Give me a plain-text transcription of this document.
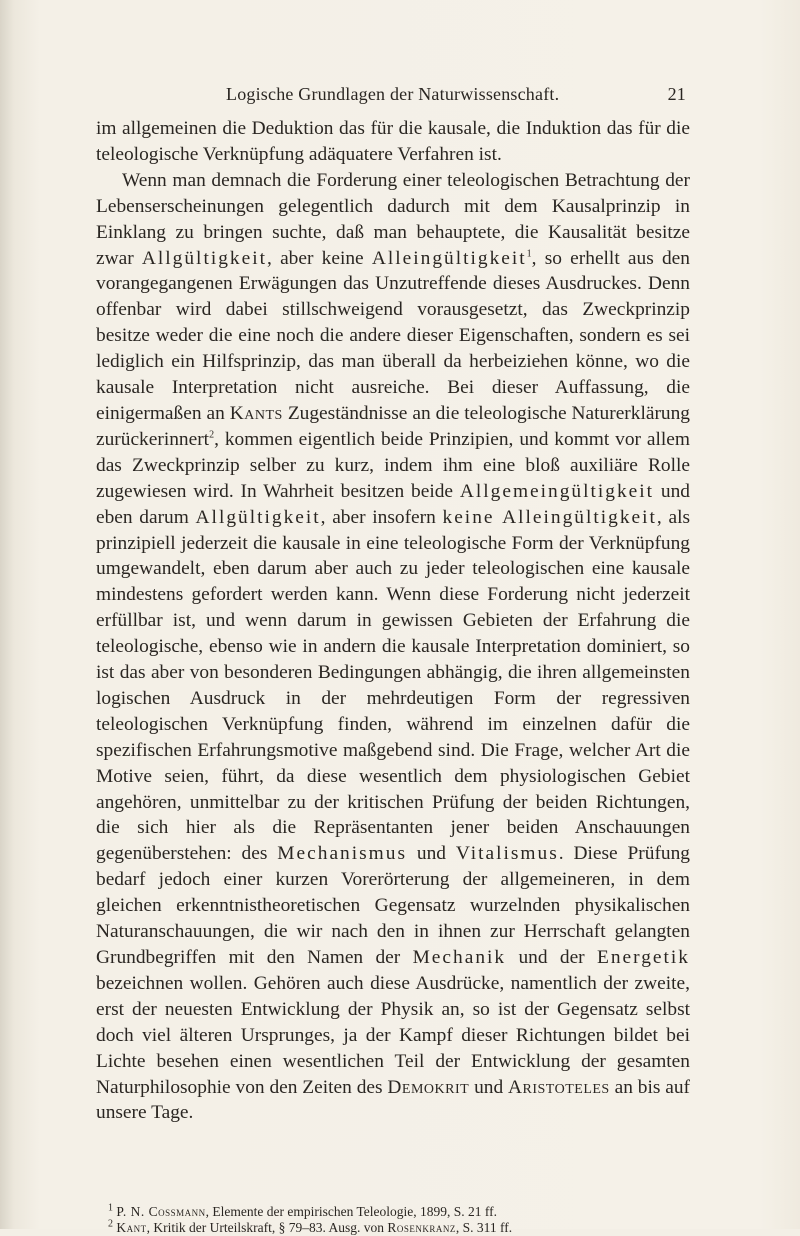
Logische Grundlagen der Naturwissenschaft.	21

im allgemeinen die Deduktion das für die kausale, die Induktion das für die teleologische Verknüpfung adäquatere Verfahren ist.

Wenn man demnach die Forderung einer teleologischen Betrachtung der Lebenserscheinungen gelegentlich dadurch mit dem Kausalprinzip in Einklang zu bringen suchte, daß man behauptete, die Kausalität besitze zwar Allgültigkeit, aber keine Alleingültigkeit$^1$, so erhellt aus den vorangegangenen Erwägungen das Unzutreffende dieses Ausdruckes. Denn offenbar wird dabei stillschweigend vorausgesetzt, das Zweckprinzip besitze weder die eine noch die andere dieser Eigenschaften, sondern es sei lediglich ein Hilfsprinzip, das man überall da herbeiziehen könne, wo die kausale Interpretation nicht ausreiche. Bei dieser Auffassung, die einigermaßen an Kants Zugeständnisse an die teleologische Naturerklärung zurückerinnert$^2$, kommen eigentlich beide Prinzipien, und kommt vor allem das Zweckprinzip selber zu kurz, indem ihm eine bloß auxiliäre Rolle zugewiesen wird. In Wahrheit besitzen beide Allgemeingültigkeit und eben darum Allgültigkeit, aber insofern keine Alleingültigkeit, als prinzipiell jederzeit die kausale in eine teleologische Form der Verknüpfung umgewandelt, eben darum aber auch zu jeder teleologischen eine kausale mindestens gefordert werden kann. Wenn diese Forderung nicht jederzeit erfüllbar ist, und wenn darum in gewissen Gebieten der Erfahrung die teleologische, ebenso wie in andern die kausale Interpretation dominiert, so ist das aber von besonderen Bedingungen abhängig, die ihren allgemeinsten logischen Ausdruck in der mehrdeutigen Form der regressiven teleologischen Verknüpfung finden, während im einzelnen dafür die spezifischen Erfahrungsmotive maßgebend sind. Die Frage, welcher Art die Motive seien, führt, da diese wesentlich dem physiologischen Gebiet angehören, unmittelbar zu der kritischen Prüfung der beiden Richtungen, die sich hier als die Repräsentanten jener beiden Anschauungen gegenüberstehen: des Mechanismus und Vitalismus. Diese Prüfung bedarf jedoch einer kurzen Vorerörterung der allgemeineren, in dem gleichen erkenntnistheoretischen Gegensatz wurzelnden physikalischen Naturanschauungen, die wir nach den in ihnen zur Herrschaft gelangten Grundbegriffen mit den Namen der Mechanik und der Energetik bezeichnen wollen. Gehören auch diese Ausdrücke, namentlich der zweite, erst der neuesten Entwicklung der Physik an, so ist der Gegensatz selbst doch viel älteren Ursprunges, ja der Kampf dieser Richtungen bildet bei Lichte besehen einen wesentlichen Teil der Entwicklung der gesamten Naturphilosophie von den Zeiten des Demokrit und Aristoteles an bis auf unsere Tage.

$^1$ P. N. Cossmann, Elemente der empirischen Teleologie, 1899, S. 21 ff.
$^2$ Kant, Kritik der Urteilskraft, § 79–83. Ausg. von Rosenkranz, S. 311 ff.
